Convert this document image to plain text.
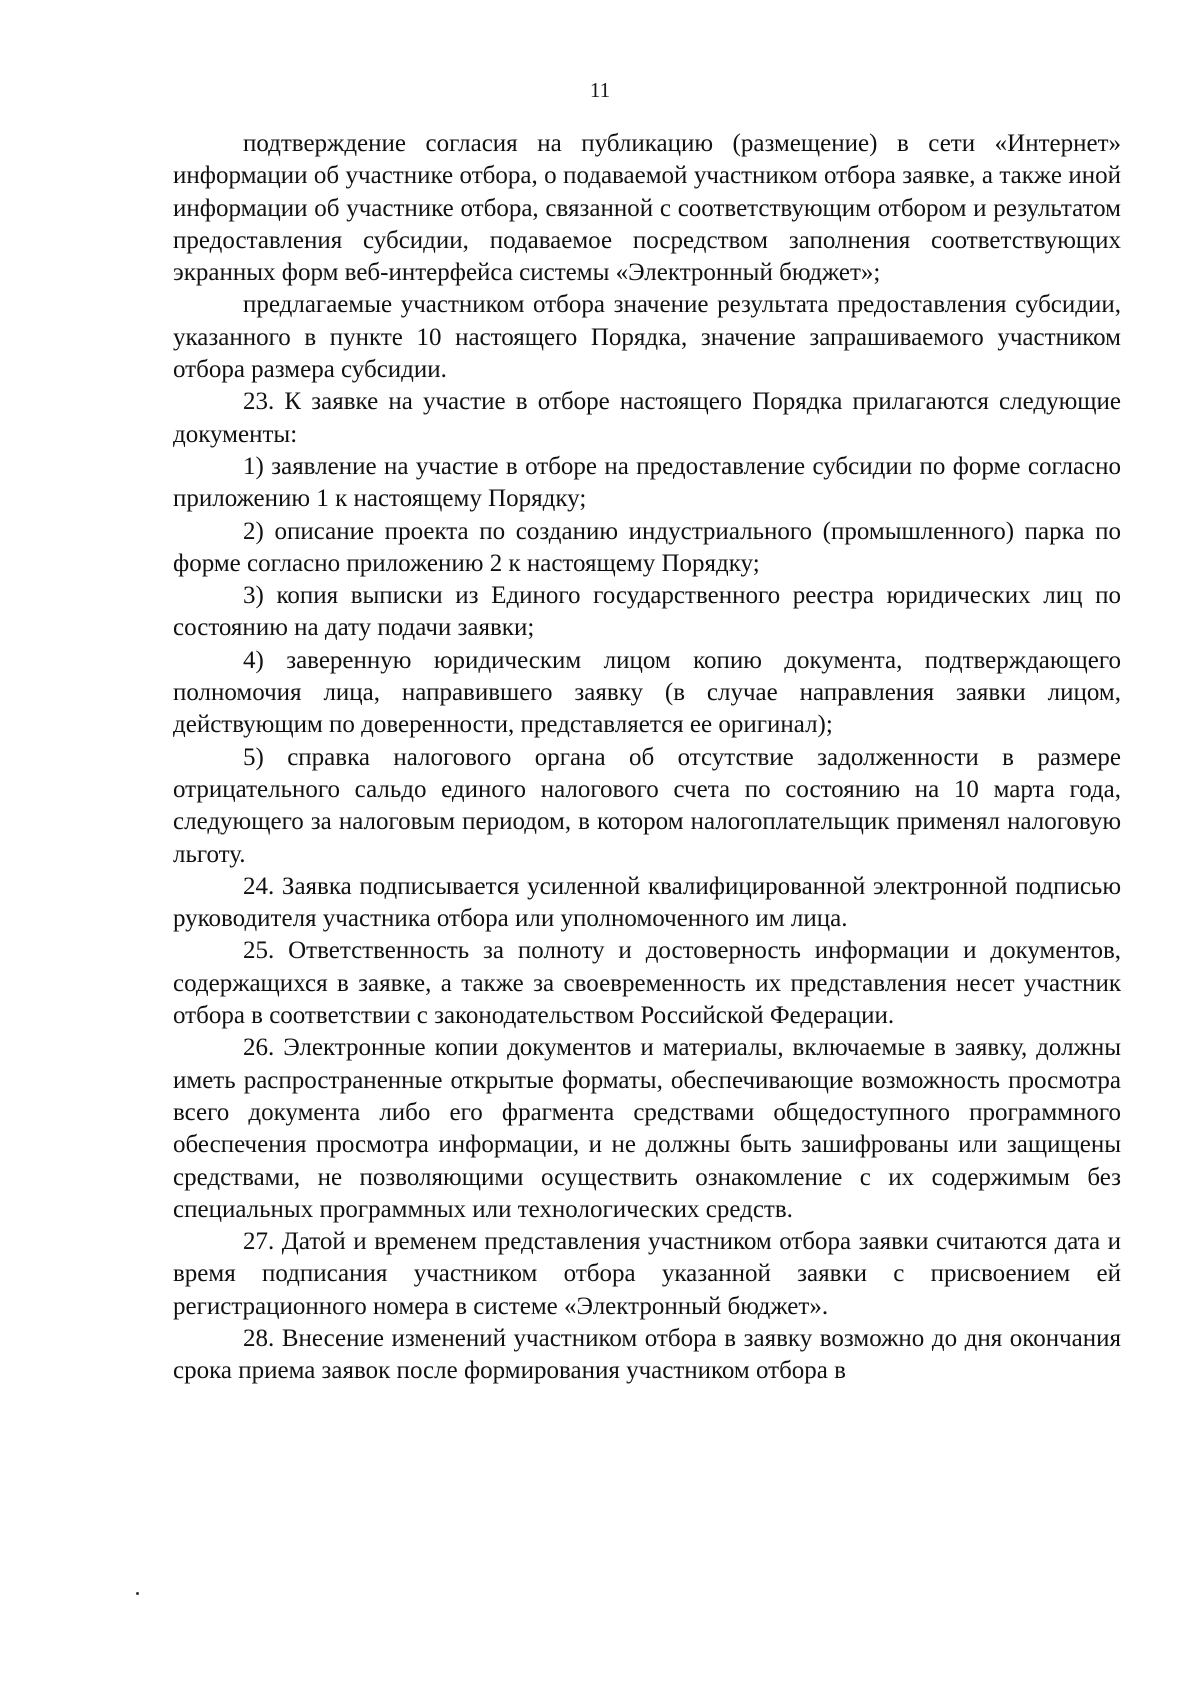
11

подтверждение согласия на публикацию (размещение) в сети «Интернет» информации об участнике отбора, о подаваемой участником отбора заявке, а также иной информации об участнике отбора, связанной с соответствующим отбором и результатом предоставления субсидии, подаваемое посредством заполнения соответствующих экранных форм веб-интерфейса системы «Электронный бюджет»;

предлагаемые участником отбора значение результата предоставления субсидии, указанного в пункте 10 настоящего Порядка, значение запрашиваемого участником отбора размера субсидии.

23. К заявке на участие в отборе настоящего Порядка прилагаются следующие документы:

1) заявление на участие в отборе на предоставление субсидии по форме согласно приложению 1 к настоящему Порядку;

2) описание проекта по созданию индустриального (промышленного) парка по форме согласно приложению 2 к настоящему Порядку;

3) копия выписки из Единого государственного реестра юридических лиц по состоянию на дату подачи заявки;

4) заверенную юридическим лицом копию документа, подтверждающего полномочия лица, направившего заявку (в случае направления заявки лицом, действующим по доверенности, представляется ее оригинал);

5) справка налогового органа об отсутствие задолженности в размере отрицательного сальдо единого налогового счета по состоянию на 10 марта года, следующего за налоговым периодом, в котором налогоплательщик применял налоговую льготу.

24. Заявка подписывается усиленной квалифицированной электронной подписью руководителя участника отбора или уполномоченного им лица.

25. Ответственность за полноту и достоверность информации и документов, содержащихся в заявке, а также за своевременность их представления несет участник отбора в соответствии с законодательством Российской Федерации.

26. Электронные копии документов и материалы, включаемые в заявку, должны иметь распространенные открытые форматы, обеспечивающие возможность просмотра всего документа либо его фрагмента средствами общедоступного программного обеспечения просмотра информации, и не должны быть зашифрованы или защищены средствами, не позволяющими осуществить ознакомление с их содержимым без специальных программных или технологических средств.

27. Датой и временем представления участником отбора заявки считаются дата и время подписания участником отбора указанной заявки с присвоением ей регистрационного номера в системе «Электронный бюджет».

28. Внесение изменений участником отбора в заявку возможно до дня окончания срока приема заявок после формирования участником отбора в
